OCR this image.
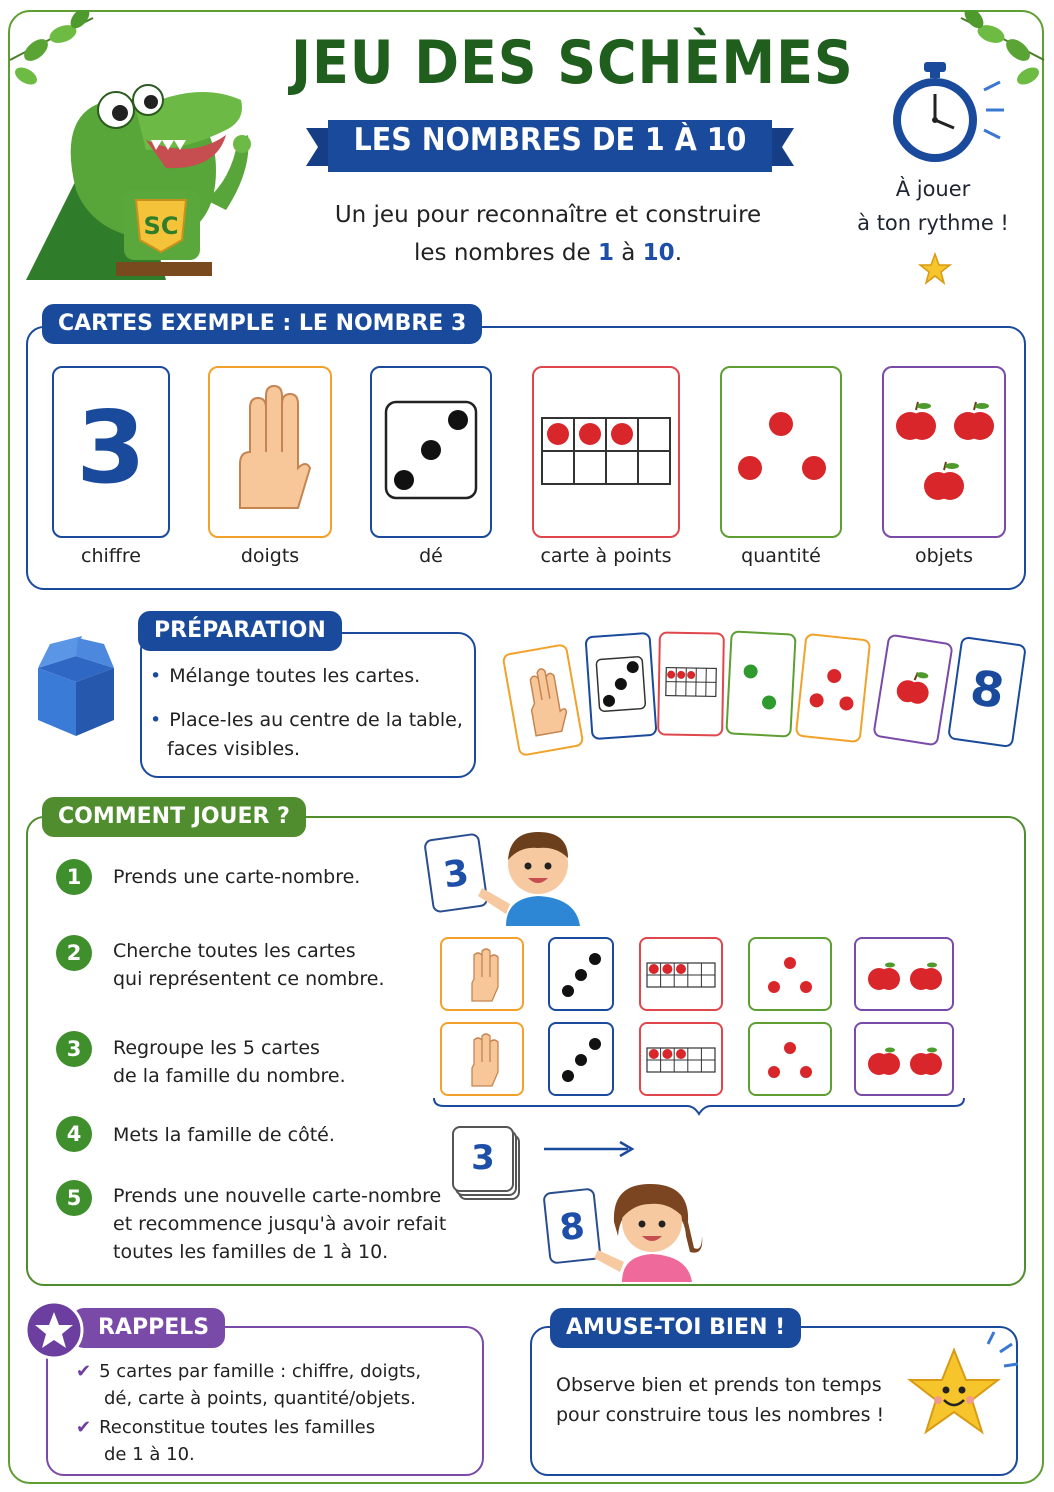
SC
JEU DES SCHÈMES
LES NOMBRES DE 1 À 10
Un jeu pour reconnaître et construire
les nombres de 1 à 10.
À jouer
à ton rythme !
CARTES EXEMPLE : LE NOMBRE 3
3
chiffre	doigts	dé	carte à points	quantité	objets
PRÉPARATION
• Mélange toutes les cartes.
• Place-les au centre de la table,
faces visibles.
8
COMMENT JOUER ?
1	Prends une carte-nombre.
2	Cherche toutes les cartes
qui représentent ce nombre.
3	Regroupe les 5 cartes
de la famille du nombre.
4	Mets la famille de côté.
5	Prends une nouvelle carte-nombre
et recommence jusqu'à avoir refait
toutes les familles de 1 à 10.
3
3
8
RAPPELS
✔ 5 cartes par famille : chiffre, doigts,
dé, carte à points, quantité/objets.
✔ Reconstitue toutes les familles
de 1 à 10.
AMUSE-TOI BIEN !
Observe bien et prends ton temps
pour construire tous les nombres !
